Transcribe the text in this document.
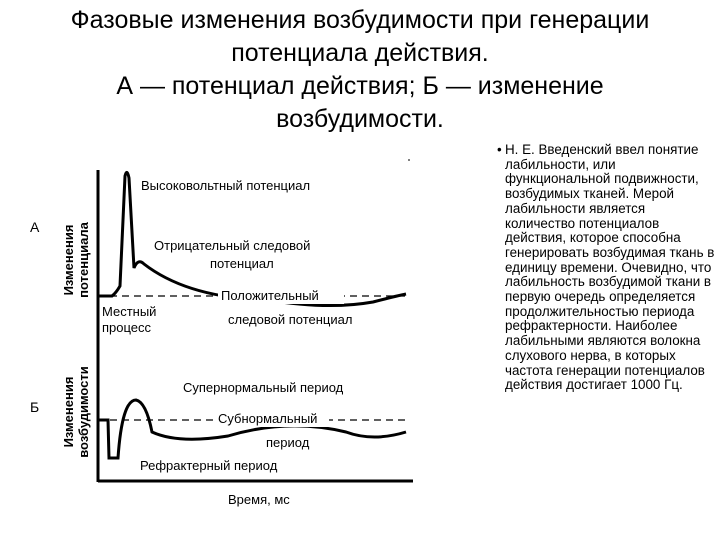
Фазовые изменения возбудимости при генерации
потенциала действия.
А — потенциал действия; Б — изменение
возбудимости.
А
Б
Изменения потенциала
Изменения возбудимости
Высоковольтный потенциал
Отрицательный следовой
потенциал
Положительный
следовой потенциал
Местный
процесс
Супернормальный период
Субнормальный
период
Рефрактерный период
Время, мс
• Н. Е. Введенский ввел понятие лабильности, или функциональной подвижности, возбудимых тканей. Мерой лабильности является количество потенциалов действия, которое способна генерировать возбудимая ткань в единицу времени. Очевидно, что лабильность возбудимой ткани в первую очередь определяется продолжительностью периода рефрактерности. Наиболее лабильными являются волокна слухового нерва, в которых частота генерации потенциалов действия достигает 1000 Гц.
